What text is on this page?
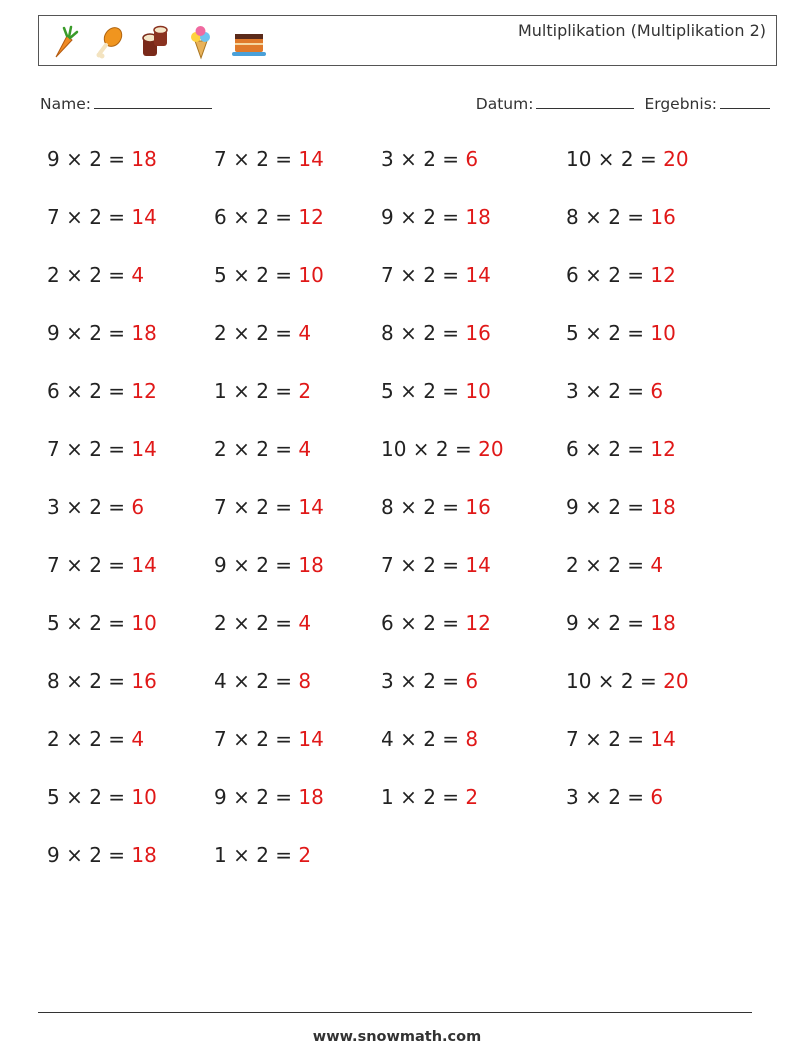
Multiplikation (Multiplikation 2)
Name:	Datum:	Ergebnis:
9 × 2 = 18	7 × 2 = 14	3 × 2 = 6	10 × 2 = 20
7 × 2 = 14	6 × 2 = 12	9 × 2 = 18	8 × 2 = 16
2 × 2 = 4	5 × 2 = 10	7 × 2 = 14	6 × 2 = 12
9 × 2 = 18	2 × 2 = 4	8 × 2 = 16	5 × 2 = 10
6 × 2 = 12	1 × 2 = 2	5 × 2 = 10	3 × 2 = 6
7 × 2 = 14	2 × 2 = 4	10 × 2 = 20	6 × 2 = 12
3 × 2 = 6	7 × 2 = 14	8 × 2 = 16	9 × 2 = 18
7 × 2 = 14	9 × 2 = 18	7 × 2 = 14	2 × 2 = 4
5 × 2 = 10	2 × 2 = 4	6 × 2 = 12	9 × 2 = 18
8 × 2 = 16	4 × 2 = 8	3 × 2 = 6	10 × 2 = 20
2 × 2 = 4	7 × 2 = 14	4 × 2 = 8	7 × 2 = 14
5 × 2 = 10	9 × 2 = 18	1 × 2 = 2	3 × 2 = 6
9 × 2 = 18	1 × 2 = 2
www.snowmath.com
